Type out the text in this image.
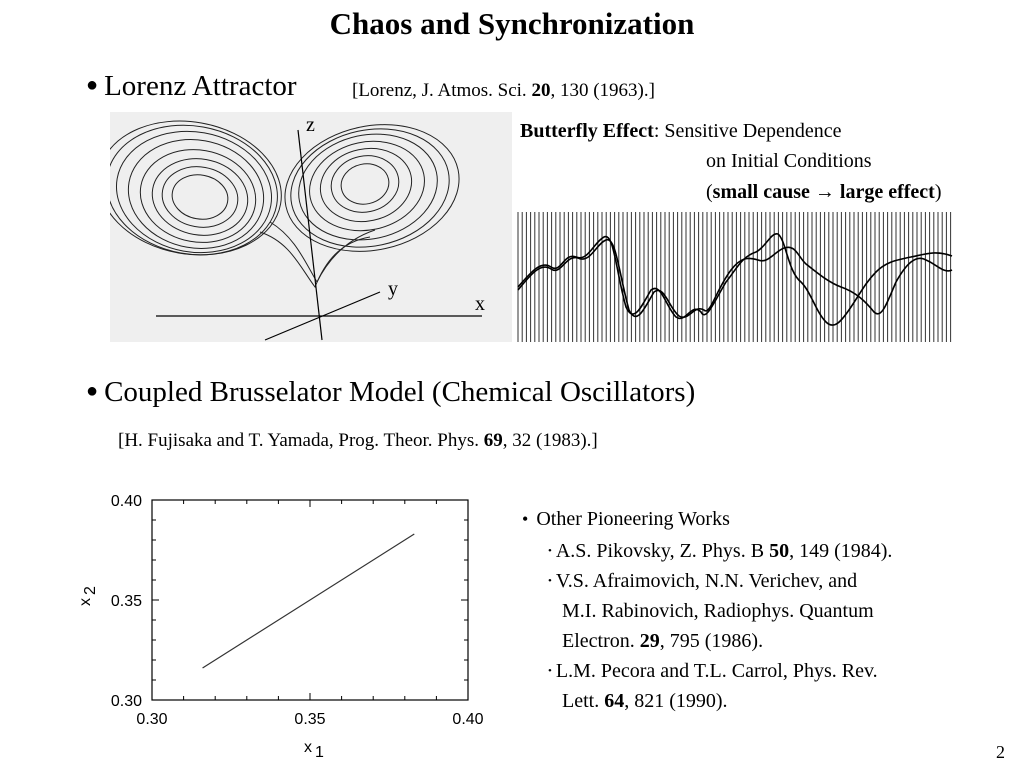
Chaos and Synchronization
● Lorenz Attractor	[Lorenz, J. Atmos. Sci. 20, 130 (1963).]
z
y
x
Butterfly Effect: Sensitive Dependence
on Initial Conditions
(small cause → large effect)
● Coupled Brusselator Model (Chemical Oscillators)
[H. Fujisaka and T. Yamada, Prog. Theor. Phys. 69, 32 (1983).]
0.30	0.35	0.40
0.30
0.35
0.40
x 1
x
2
• Other Pioneering Works
• A.S. Pikovsky, Z. Phys. B 50, 149 (1984).
• V.S. Afraimovich, N.N. Verichev, and
M.I. Rabinovich, Radiophys. Quantum
Electron. 29, 795 (1986).
• L.M. Pecora and T.L. Carrol, Phys. Rev.
Lett. 64, 821 (1990).
2
